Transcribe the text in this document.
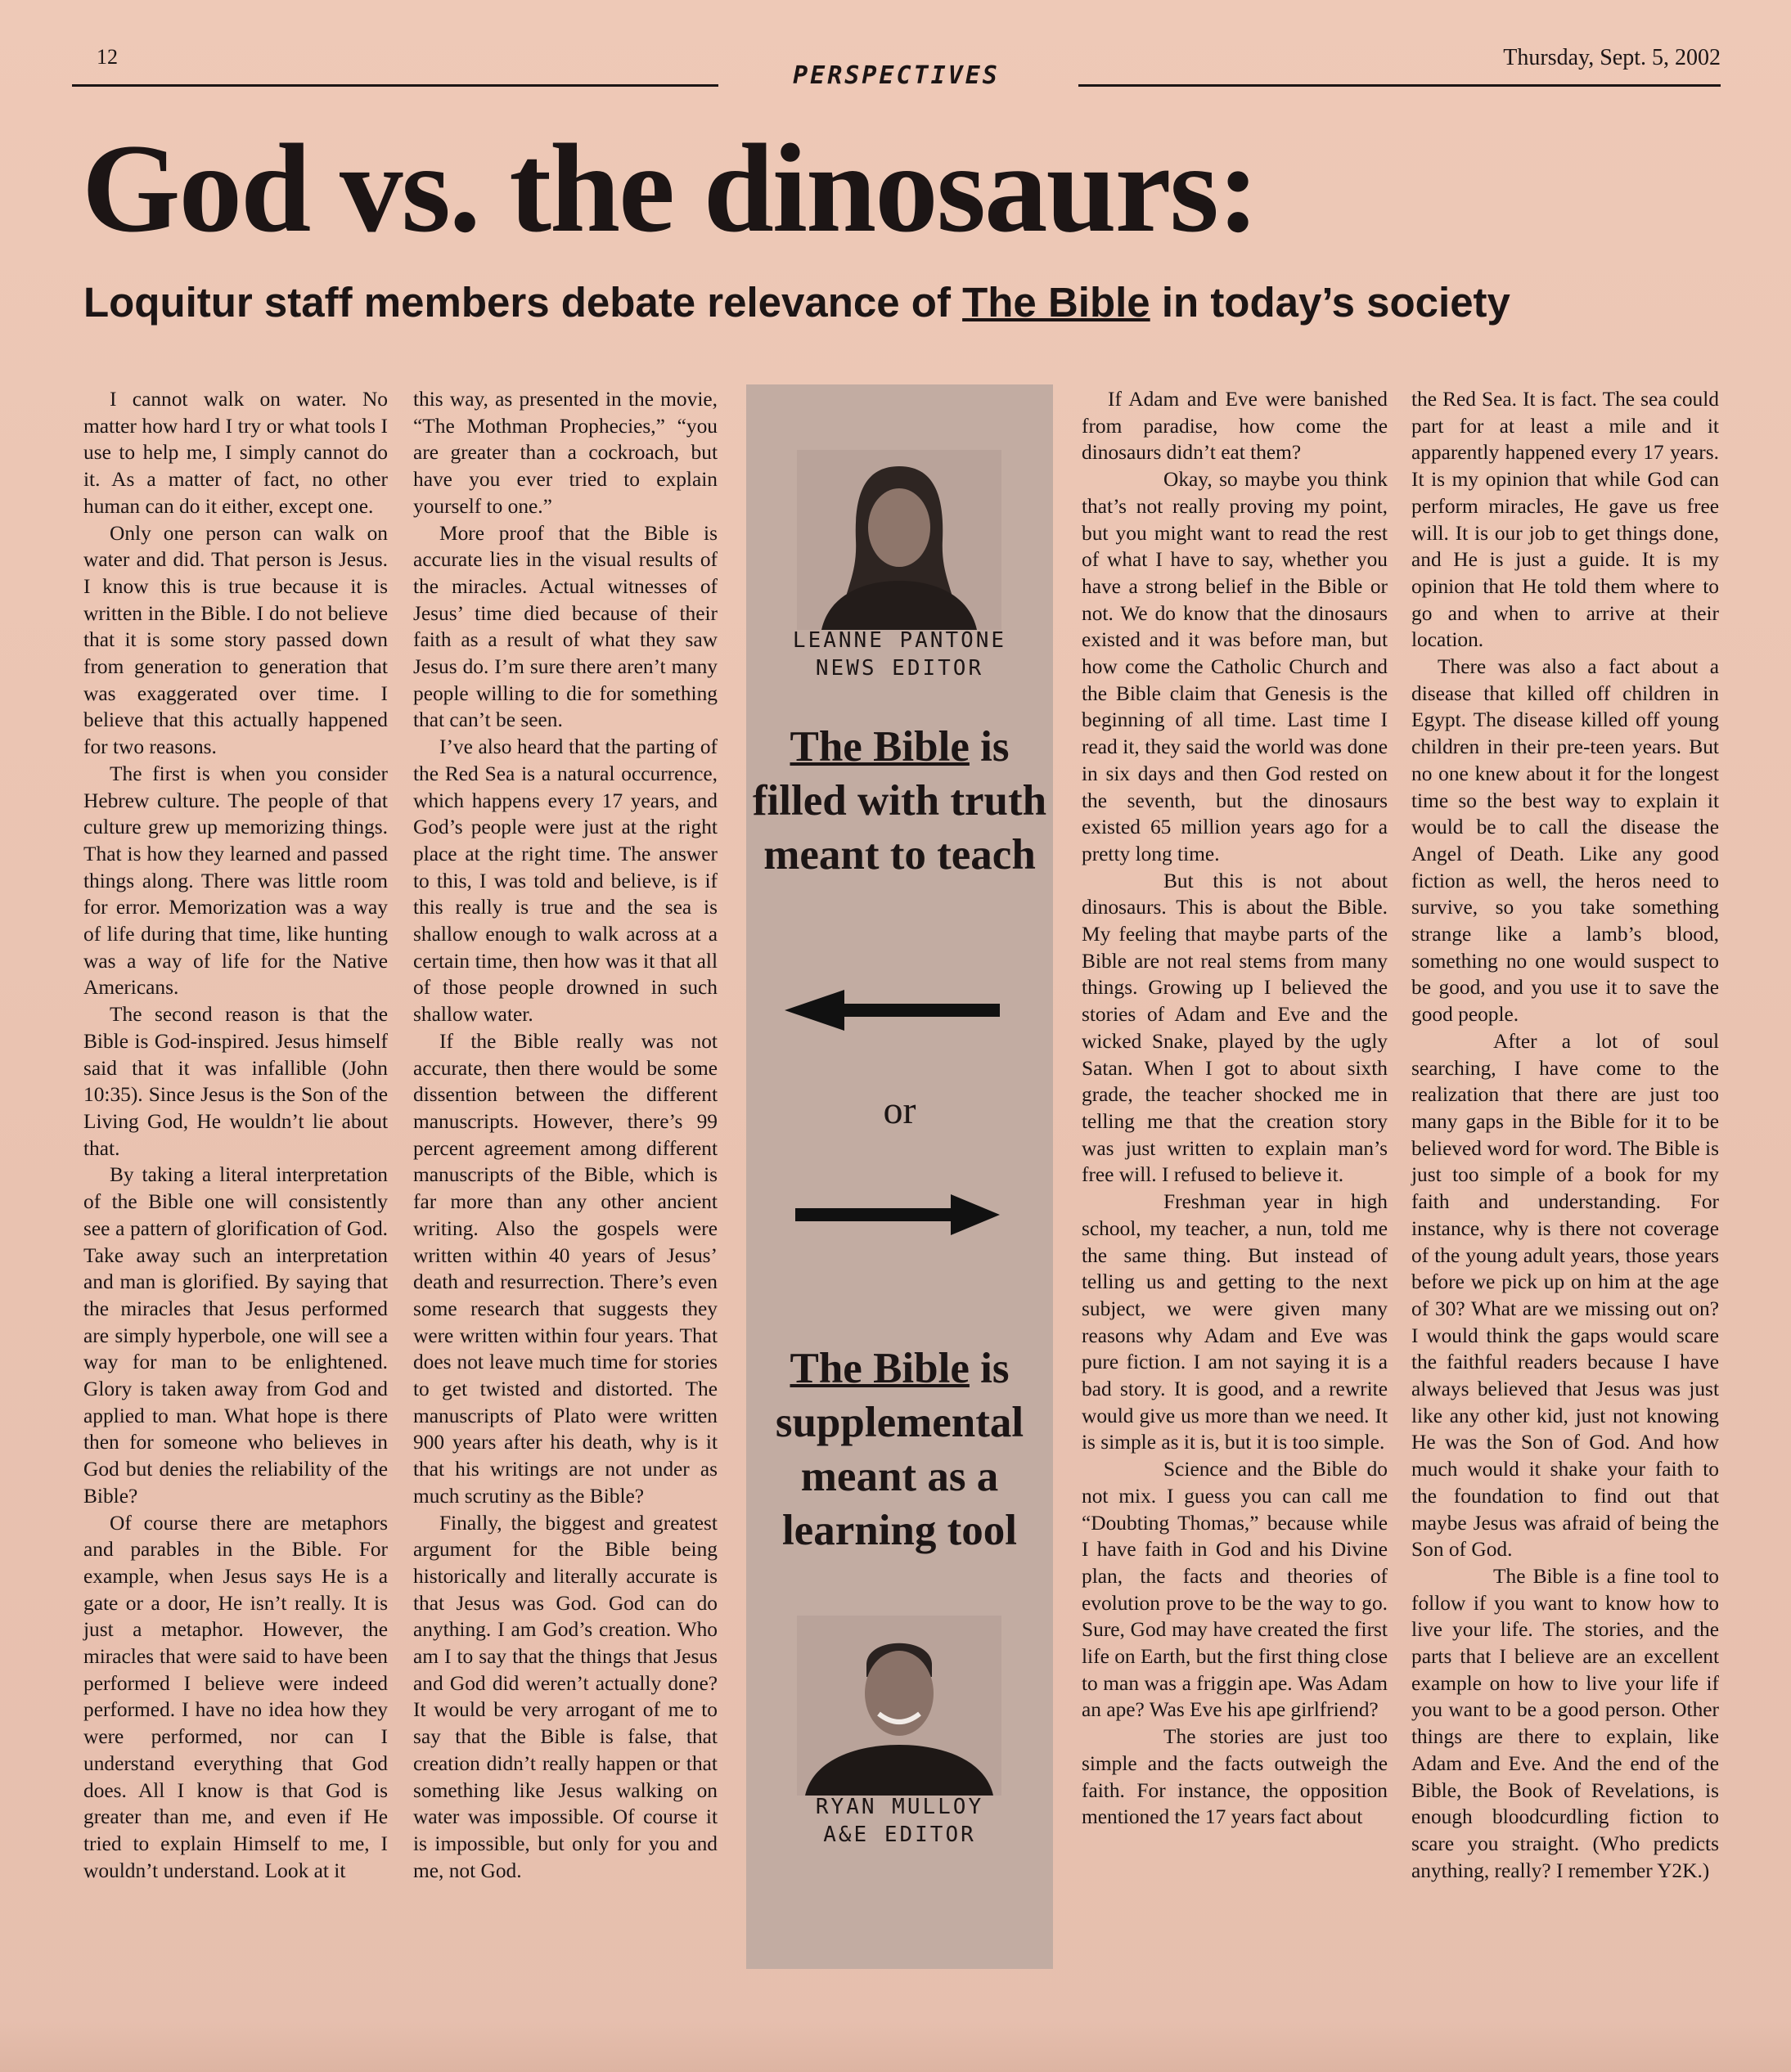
12
PERSPECTIVES
Thursday, Sept. 5, 2002
God vs. the dinosaurs:
Loquitur staff members debate relevance of The Bible in today’s society

I cannot walk on water. No matter how hard I try or what tools I use to help me, I simply cannot do it. As a matter of fact, no other human can do it either, except one.

Only one person can walk on water and did. That person is Jesus. I know this is true because it is written in the Bible. I do not believe that it is some story passed down from generation to generation that was exaggerated over time. I believe that this actually happened for two reasons.

The first is when you consider Hebrew culture. The people of that culture grew up memorizing things. That is how they learned and passed things along. There was little room for error. Memorization was a way of life during that time, like hunting was a way of life for the Native Americans.

The second reason is that the Bible is God-inspired. Jesus himself said that it was infallible (John 10:35). Since Jesus is the Son of the Living God, He wouldn’t lie about that.

By taking a literal interpretation of the Bible one will consistently see a pattern of glorification of God. Take away such an interpretation and man is glorified. By saying that the miracles that Jesus performed are simply hyperbole, one will see a way for man to be enlightened. Glory is taken away from God and applied to man. What hope is there then for someone who believes in God but denies the reliability of the Bible?

Of course there are metaphors and parables in the Bible. For example, when Jesus says He is a gate or a door, He isn’t really. It is just a metaphor. However, the miracles that were said to have been performed I believe were indeed performed. I have no idea how they were performed, nor can I understand everything that God does. All I know is that God is greater than me, and even if He tried to explain Himself to me, I wouldn’t understand. Look at it

this way, as presented in the movie, “The Mothman Prophecies,” “you are greater than a cockroach, but have you ever tried to explain yourself to one.”

More proof that the Bible is accurate lies in the visual results of the miracles. Actual witnesses of Jesus’ time died because of their faith as a result of what they saw Jesus do. I’m sure there aren’t many people willing to die for something that can’t be seen.

I’ve also heard that the parting of the Red Sea is a natural occurrence, which happens every 17 years, and God’s people were just at the right place at the right time. The answer to this, I was told and believe, is if this really is true and the sea is shallow enough to walk across at a certain time, then how was it that all of those people drowned in such shallow water.

If the Bible really was not accurate, then there would be some dissention between the different manuscripts. However, there’s 99 percent agreement among different manuscripts of the Bible, which is far more than any other ancient writing. Also the gospels were written within 40 years of Jesus’ death and resurrection. There’s even some research that suggests they were written within four years. That does not leave much time for stories to get twisted and distorted. The manuscripts of Plato were written 900 years after his death, why is it that his writings are not under as much scrutiny as the Bible?

Finally, the biggest and greatest argument for the Bible being historically and literally accurate is that Jesus was God. God can do anything. I am God’s creation. Who am I to say that the things that Jesus and God did weren’t actually done? It would be very arrogant of me to say that the Bible is false, that creation didn’t really happen or that something like Jesus walking on water was impossible. Of course it is impossible, but only for you and me, not God.

LEANNE PANTONE
NEWS EDITOR
The Bible is filled with truth meant to teach
or
The Bible is supplemental meant as a learning tool
RYAN MULLOY
A&E EDITOR

If Adam and Eve were banished from paradise, how come the dinosaurs didn’t eat them?

Okay, so maybe you think that’s not really proving my point, but you might want to read the rest of what I have to say, whether you have a strong belief in the Bible or not. We do know that the dinosaurs existed and it was before man, but how come the Catholic Church and the Bible claim that Genesis is the beginning of all time. Last time I read it, they said the world was done in six days and then God rested on the seventh, but the dinosaurs existed 65 million years ago for a pretty long time.

But this is not about dinosaurs. This is about the Bible. My feeling that maybe parts of the Bible are not real stems from many things. Growing up I believed the stories of Adam and Eve and the wicked Snake, played by the ugly Satan. When I got to about sixth grade, the teacher shocked me in telling me that the creation story was just written to explain man’s free will. I refused to believe it.

Freshman year in high school, my teacher, a nun, told me the same thing. But instead of telling us and getting to the next subject, we were given many reasons why Adam and Eve was pure fiction. I am not saying it is a bad story. It is good, and a rewrite would give us more than we need. It is simple as it is, but it is too simple.

Science and the Bible do not mix. I guess you can call me “Doubting Thomas,” because while I have faith in God and his Divine plan, the facts and theories of evolution prove to be the way to go. Sure, God may have created the first life on Earth, but the first thing close to man was a friggin ape. Was Adam an ape? Was Eve his ape girlfriend?

The stories are just too simple and the facts outweigh the faith. For instance, the opposition mentioned the 17 years fact about

the Red Sea. It is fact. The sea could part for at least a mile and it apparently happened every 17 years. It is my opinion that while God can perform miracles, He gave us free will. It is our job to get things done, and He is just a guide. It is my opinion that He told them where to go and when to arrive at their location.

There was also a fact about a disease that killed off children in Egypt. The disease killed off young children in their pre-teen years. But no one knew about it for the longest time so the best way to explain it would be to call the disease the Angel of Death. Like any good fiction as well, the heros need to survive, so you take something strange like a lamb’s blood, something no one would suspect to be good, and you use it to save the good people.

After a lot of soul searching, I have come to the realization that there are just too many gaps in the Bible for it to be believed word for word. The Bible is just too simple of a book for my faith and understanding. For instance, why is there not coverage of the young adult years, those years before we pick up on him at the age of 30? What are we missing out on? I would think the gaps would scare the faithful readers because I have always believed that Jesus was just like any other kid, just not knowing He was the Son of God. And how much would it shake your faith to the foundation to find out that maybe Jesus was afraid of being the Son of God.

The Bible is a fine tool to follow if you want to know how to live your life. The stories, and the parts that I believe are an excellent example on how to live your life if you want to be a good person. Other things are there to explain, like Adam and Eve. And the end of the Bible, the Book of Revelations, is enough bloodcurdling fiction to scare you straight. (Who predicts anything, really? I remember Y2K.)
